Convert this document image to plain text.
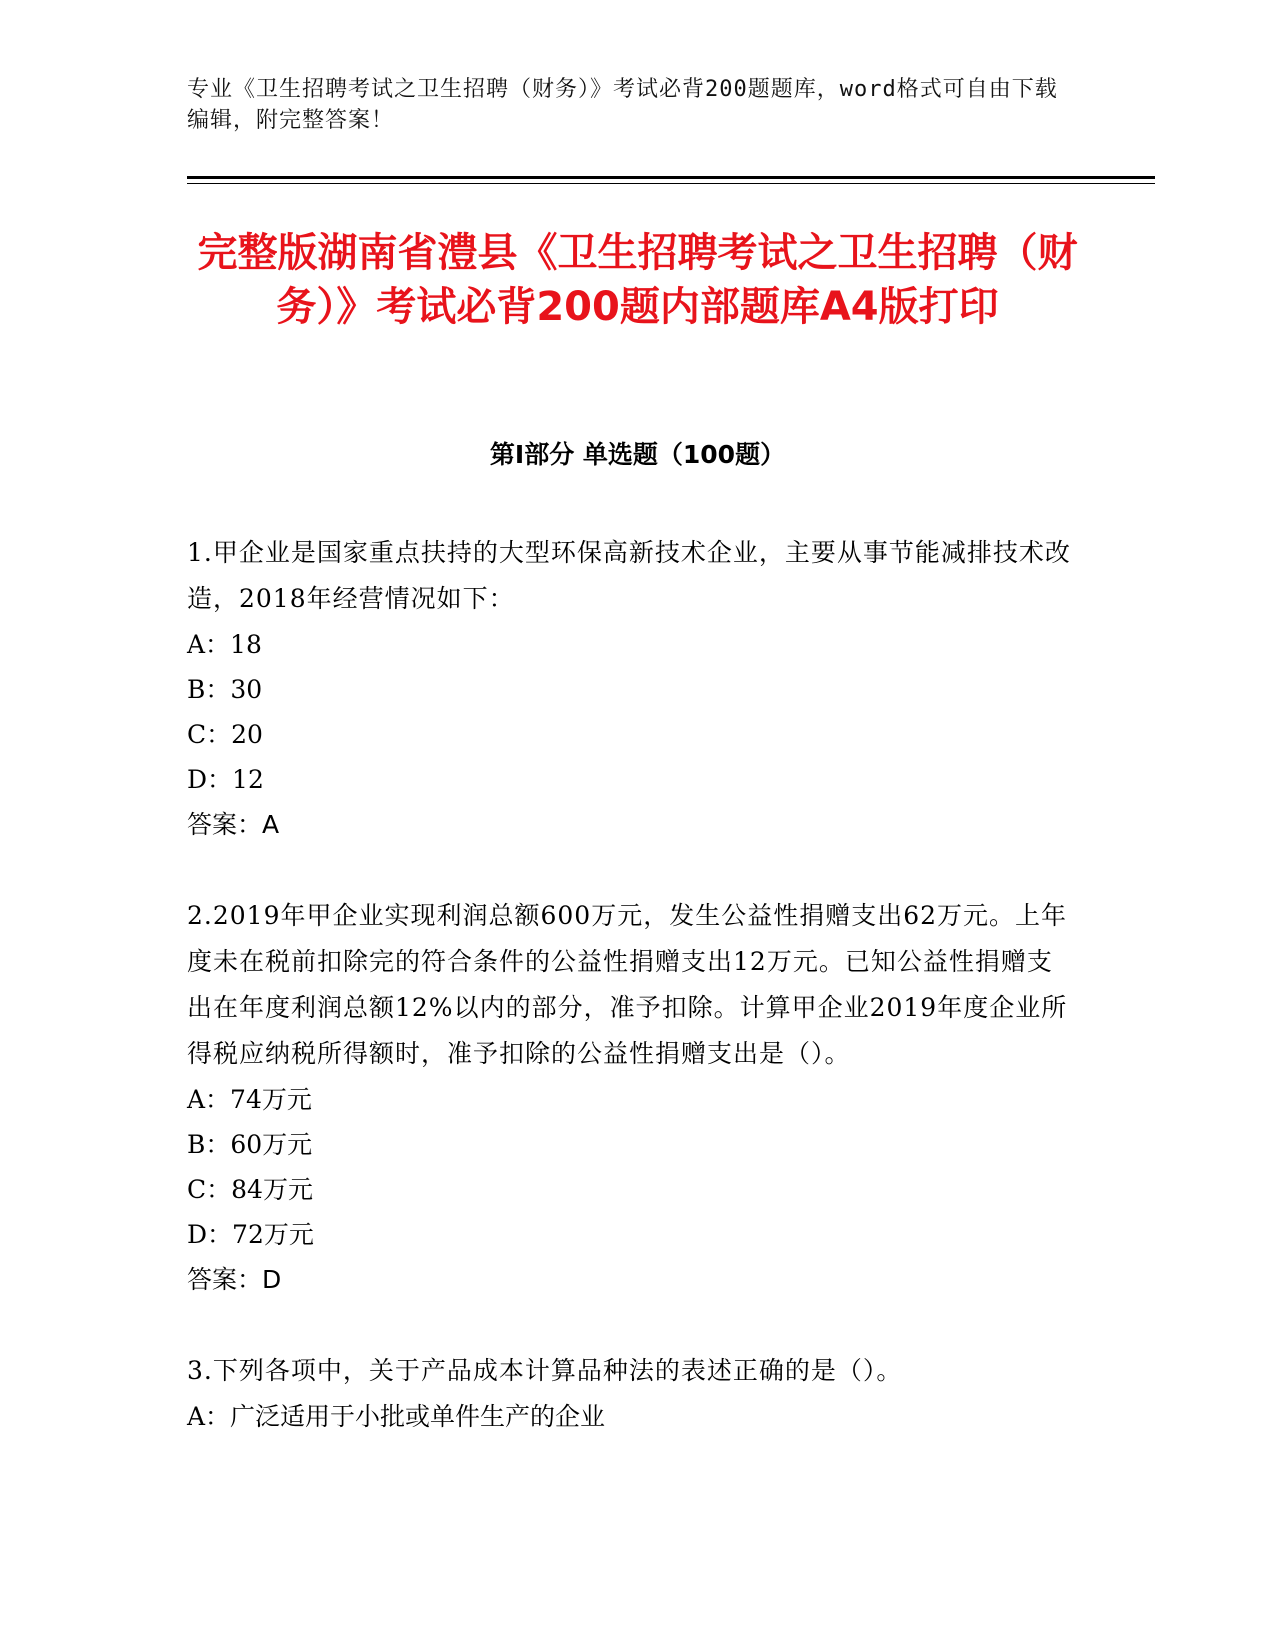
专业《卫生招聘考试之卫生招聘（财务）》考试必背200题题库，word格式可自由下载编辑，附完整答案！
完整版湖南省澧县《卫生招聘考试之卫生招聘（财务）》考试必背200题内部题库A4版打印
第Ⅰ部分 单选题（100题）

1.甲企业是国家重点扶持的大型环保高新技术企业，主要从事节能减排技术改造，2018年经营情况如下：

A：18

B：30

C：20

D：12

答案：A

2.2019年甲企业实现利润总额600万元，发生公益性捐赠支出62万元。上年度未在税前扣除完的符合条件的公益性捐赠支出12万元。已知公益性捐赠支出在年度利润总额12%以内的部分，准予扣除。计算甲企业2019年度企业所得税应纳税所得额时，准予扣除的公益性捐赠支出是（）。

A：74万元

B：60万元

C：84万元

D：72万元

答案：D

3.下列各项中，关于产品成本计算品种法的表述正确的是（）。

A：广泛适用于小批或单件生产的企业
